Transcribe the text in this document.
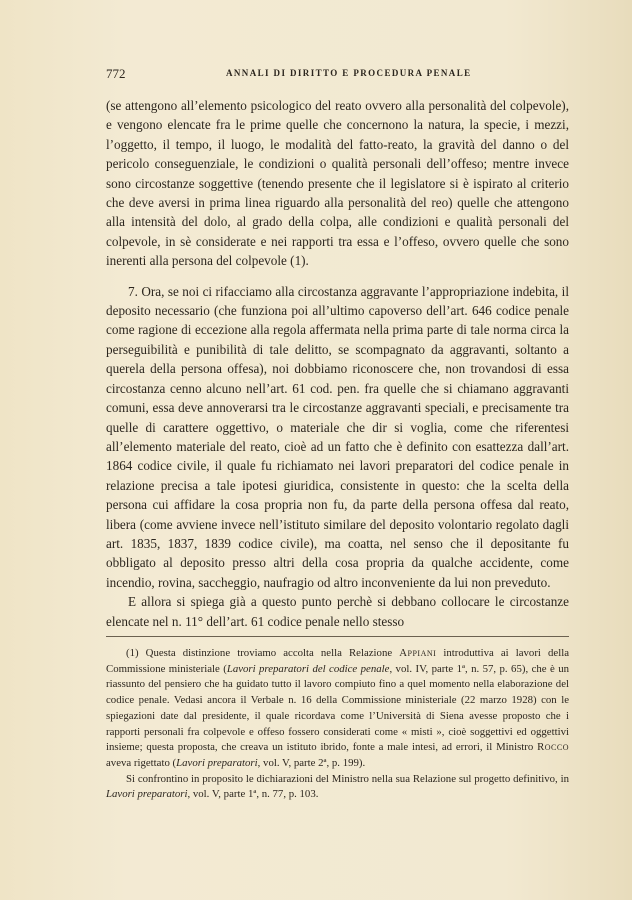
772	ANNALI DI DIRITTO E PROCEDURA PENALE

(se attengono all’elemento psicologico del reato ovvero alla personalità del colpevole), e vengono elencate fra le prime quelle che concernono la natura, la specie, i mezzi, l’oggetto, il tempo, il luogo, le modalità del fatto-reato, la gravità del danno o del pericolo conseguenziale, le condizioni o qualità personali dell’offeso; mentre invece sono circostanze soggettive (tenendo presente che il legislatore si è ispirato al criterio che deve aversi in prima linea riguardo alla personalità del reo) quelle che attengono alla intensità del dolo, al grado della colpa, alle condizioni e qualità personali del colpevole, in sè considerate e nei rapporti tra essa e l’offeso, ovvero quelle che sono inerenti alla persona del colpevole (1).

7. Ora, se noi ci rifacciamo alla circostanza aggravante l’appropriazione indebita, il deposito necessario (che funziona poi all’ultimo capoverso dell’art. 646 codice penale come ragione di eccezione alla regola affermata nella prima parte di tale norma circa la perseguibilità e punibilità di tale delitto, se scompagnato da aggravanti, soltanto a querela della persona offesa), noi dobbiamo riconoscere che, non trovandosi di essa circostanza cenno alcuno nell’art. 61 cod. pen. fra quelle che si chiamano aggravanti comuni, essa deve annoverarsi tra le circostanze aggravanti speciali, e precisamente tra quelle di carattere oggettivo, o materiale che dir si voglia, come che riferentesi all’elemento materiale del reato, cioè ad un fatto che è definito con esattezza dall’art. 1864 codice civile, il quale fu richiamato nei lavori preparatori del codice penale in relazione precisa a tale ipotesi giuridica, consistente in questo: che la scelta della persona cui affidare la cosa propria non fu, da parte della persona offesa dal reato, libera (come avviene invece nell’istituto similare del deposito volontario regolato dagli art. 1835, 1837, 1839 codice civile), ma coatta, nel senso che il depositante fu obbligato al deposito presso altri della cosa propria da qualche accidente, come incendio, rovina, saccheggio, naufragio od altro inconveniente da lui non preveduto.

E allora si spiega già a questo punto perchè si debbano collocare le circostanze elencate nel n. 11° dell’art. 61 codice penale nello stesso

(1) Questa distinzione troviamo accolta nella Relazione Appiani introduttiva ai lavori della Commissione ministeriale (Lavori preparatori del codice penale, vol. IV, parte 1ª, n. 57, p. 65), che è un riassunto del pensiero che ha guidato tutto il lavoro compiuto fino a quel momento nella elaborazione del codice penale. Vedasi ancora il Verbale n. 16 della Commissione ministeriale (22 marzo 1928) con le spiegazioni date dal presidente, il quale ricordava come l’Università di Siena avesse proposto che i rapporti personali fra colpevole e offeso fossero considerati come « misti », cioè soggettivi ed oggettivi insieme; questa proposta, che creava un istituto ibrido, fonte a male intesi, ad errori, il Ministro Rocco aveva rigettato (Lavori preparatori, vol. V, parte 2ª, p. 199).

Si confrontino in proposito le dichiarazioni del Ministro nella sua Relazione sul progetto definitivo, in Lavori preparatori, vol. V, parte 1ª, n. 77, p. 103.
